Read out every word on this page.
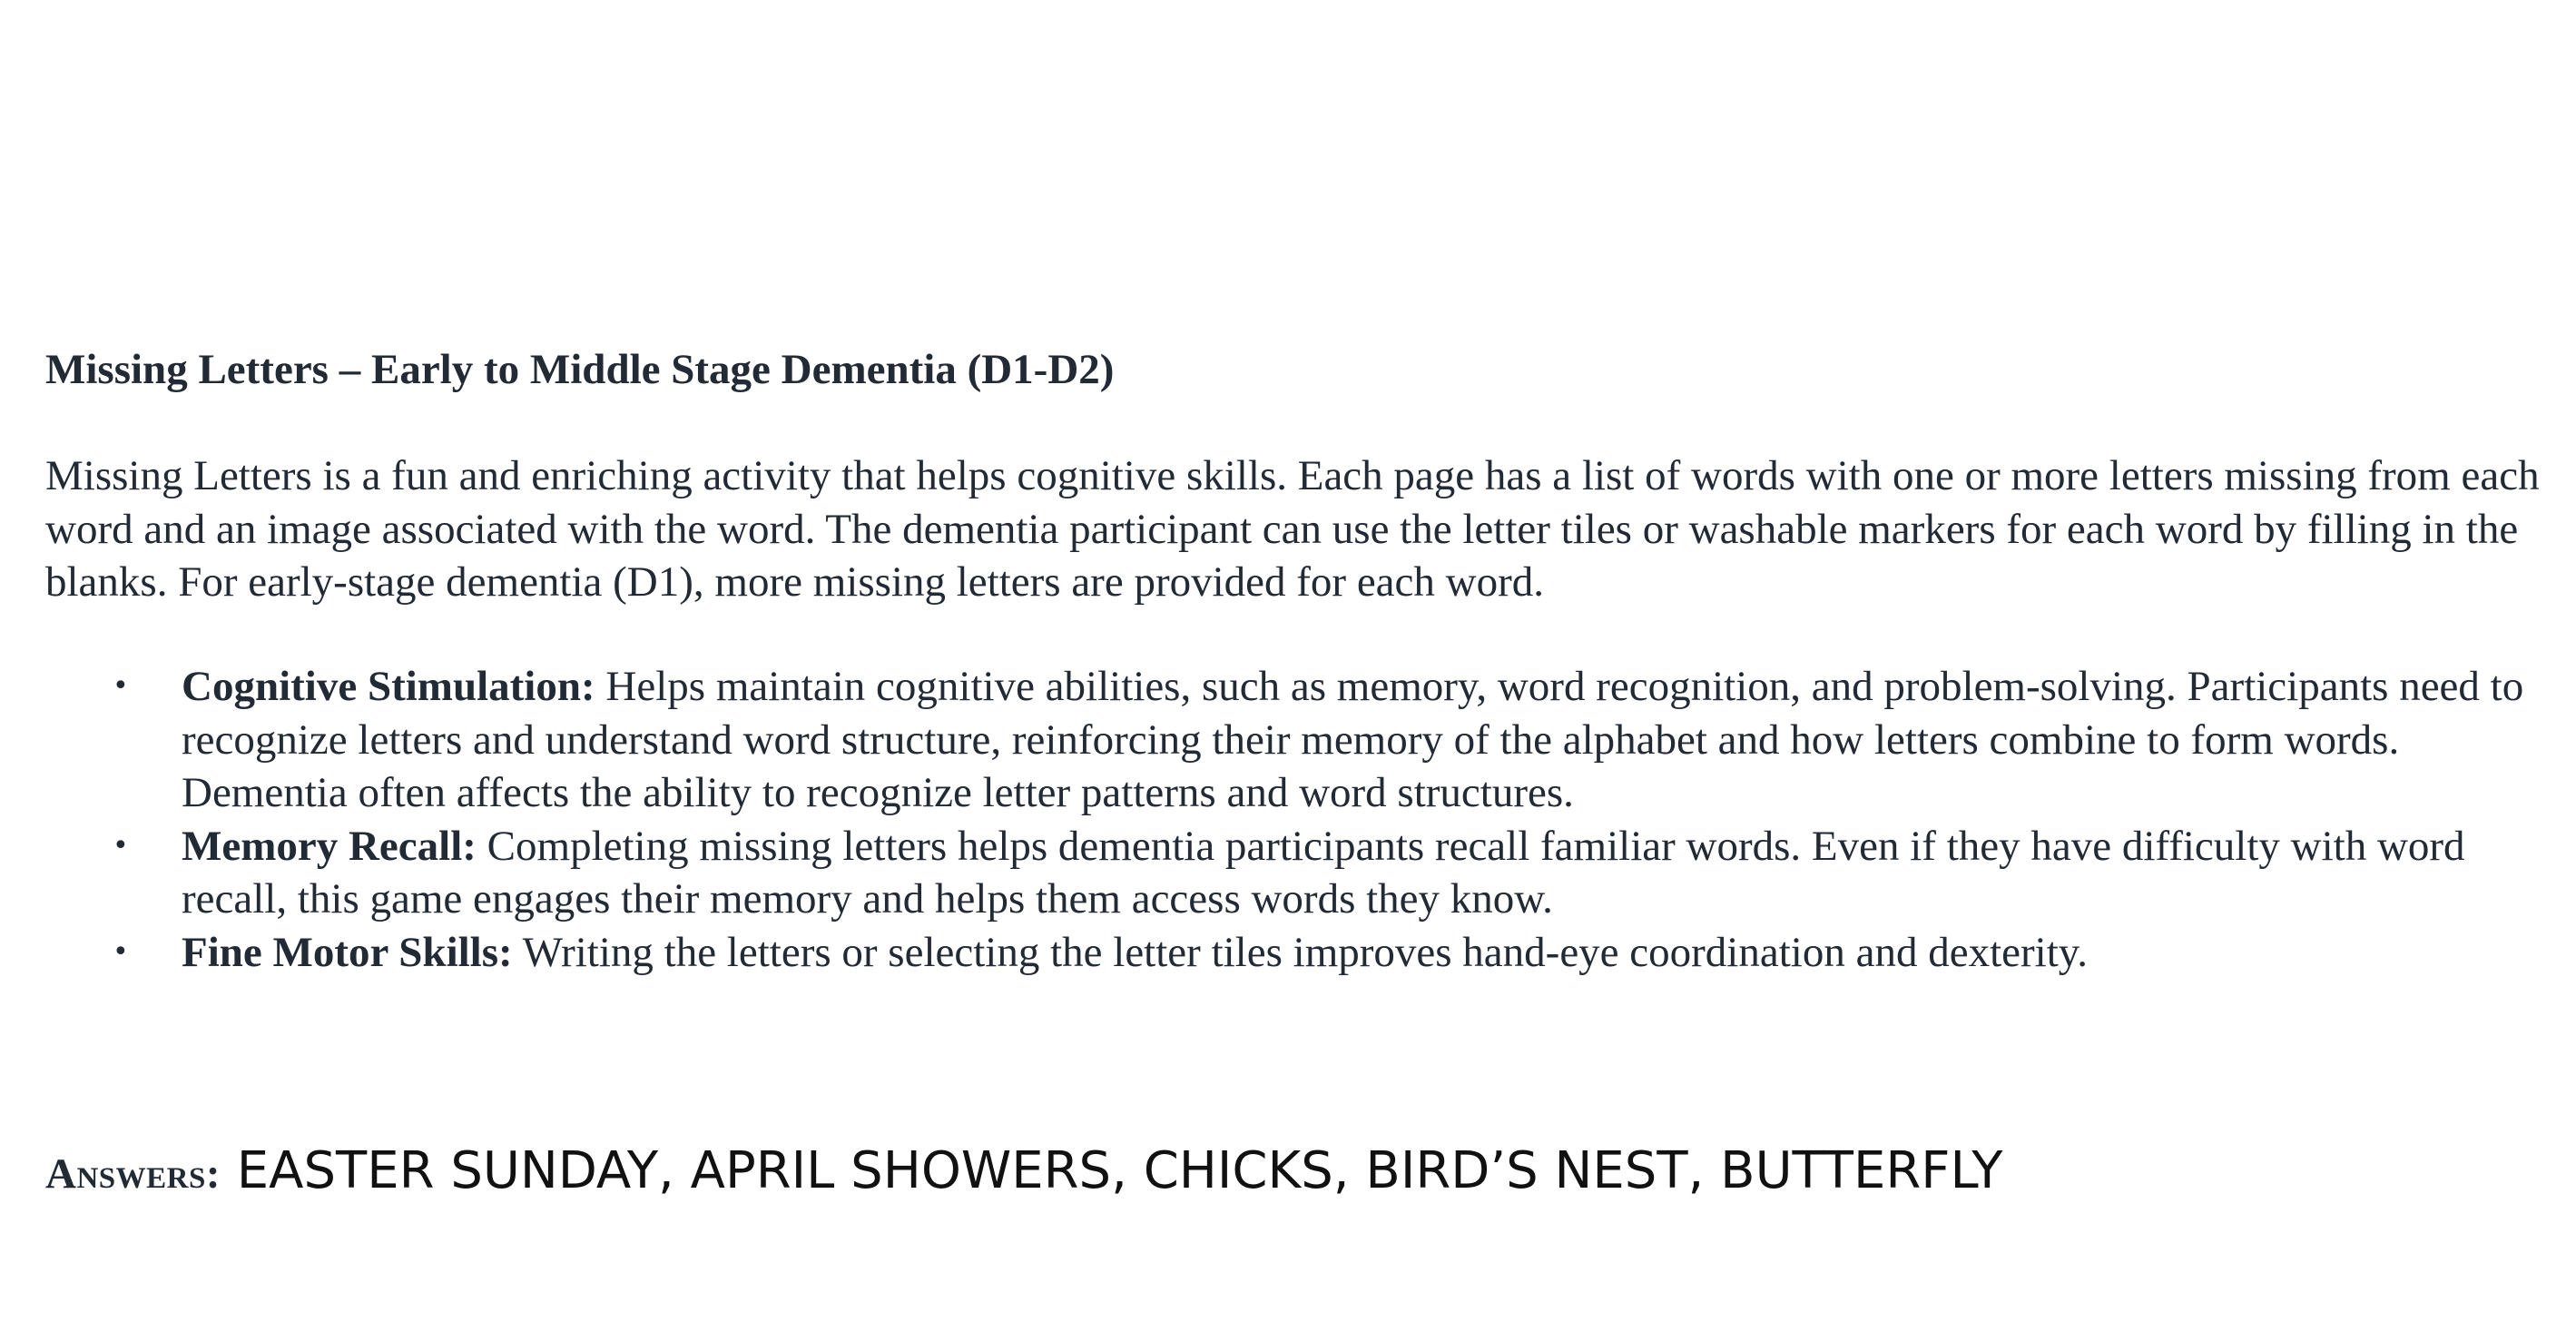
Missing Letters – Early to Middle Stage Dementia (D1-D2)

Missing Letters is a fun and enriching activity that helps cognitive skills. Each page has a list of words with one or more letters missing from each word and an image associated with the word. The dementia participant can use the letter tiles or washable markers for each word by filling in the blanks. For early-stage dementia (D1), more missing letters are provided for each word.

• Cognitive Stimulation: Helps maintain cognitive abilities, such as memory, word recognition, and problem-solving. Participants need to recognize letters and understand word structure, reinforcing their memory of the alphabet and how letters combine to form words. Dementia often affects the ability to recognize letter patterns and word structures.
• Memory Recall: Completing missing letters helps dementia participants recall familiar words. Even if they have difficulty with word recall, this game engages their memory and helps them access words they know.
• Fine Motor Skills: Writing the letters or selecting the letter tiles improves hand-eye coordination and dexterity.

Answers: EASTER SUNDAY, APRIL SHOWERS, CHICKS, BIRD’S NEST, BUTTERFLY
